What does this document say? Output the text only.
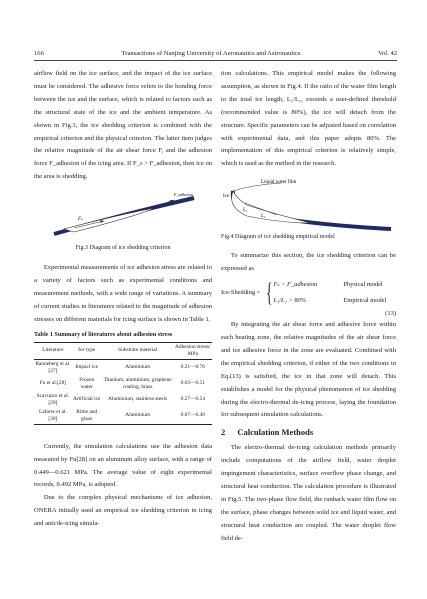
166	Transactions of Nanjing University of Aeronautics and Astronautics	Vol. 42

airflow field on the ice surface, and the impact of the ice surface must be considered. The adhesive force refers to the bonding force between the ice and the surface, which is related to factors such as the structural state of the ice and the ambient temperature. As shown in Fig.3, the ice shedding criterion is combined with the empirical criterion and the physical criterion. The latter item judges the relative magnitude of the air shear force F, and the adhesion force F_adhesion of the icing area. If F_s > F_adhesion, then ice on the area is shedding.

Fₛ
F_adhesion
Fig.3 Diagram of ice shedding criterion

Experimental measurements of ice adhesion stress are related to a variety of factors such as experimental conditions and measurement methods, with a wide range of variations. A summary of current studies in literatures related to the magnitude of adhesion stresses on different materials for icing surface is shown in Table 1.

Table 1 Summary of literatures about adhesion stress
Literature	Ice type	Substrate material	Adhesion stress/ MPa
Ranneberg et al.[27]	Impact ice	Aluminium	0.21—0.76
Fu et al.[28]	Frozen water	Titanium, aluminium, graphene coating, brass	0.03—0.51
Scavuzzo et al.[29]	Artificial ice	Aluminium, stainless steels	0.27—0.54
Laforte et al.[30]	Rime and glaze	Aluminium	0.07—0.40

Currently, the simulation calculations use the adhesion data measured by Fu[28] on an aluminum alloy surface, with a range of 0.449—0.621 MPa. The average value of eight experimental records, 0.492 MPa, is adopted.

Due to the complex physical mechanisms of ice adhesion, ONERA initially used an empirical ice shedding criterion in icing and anti/de-icing simula-

tion calculations. This empirical model makes the following assumption, as shown in Fig.4. If the ratio of the water film length to the total ice length, L₁/L₂, exceeds a user-defined threshold (recommended value is 80%), the ice will detach from the structure. Specific parameters can be adjusted based on correlation with experimental data, and this paper adopts 80%. The implementation of this empirical criterion is relatively simple, which is used as the method in the research.

Liquid water film
Ice
L₁
L₂
Fig.4 Diagram of ice shedding empirical model

To summarize this section, the ice shedding criterion can be expressed as

Ice-Shedding = { Fₛ > F_adhesion	Physical model
L₁/L₂ > 80%	Empirical model
(13)

By integrating the air shear force and adhesive force within each heating zone, the relative magnitudes of the air shear force and ice adhesive force in the zone are evaluated. Combined with the empirical shedding criterion, if either of the two conditions in Eq.(13) is satisfied, the ice in that zone will detach. This establishes a model for the physical phenomenon of ice shedding during the electro-thermal de-icing process, laying the foundation for subsequent simulation calculations.

2 Calculation Methods

The electro-thermal de-icing calculation methods primarily include computations of the airflow field, water droplet impingement characteristics, surface overflow phase change, and structural heat conduction. The calculation procedure is illustrated in Fig.5. The two-phase flow field, the runback water film flow on the surface, phase changes between solid ice and liquid water, and structural heat conduction are coupled. The water droplet flow field de-
